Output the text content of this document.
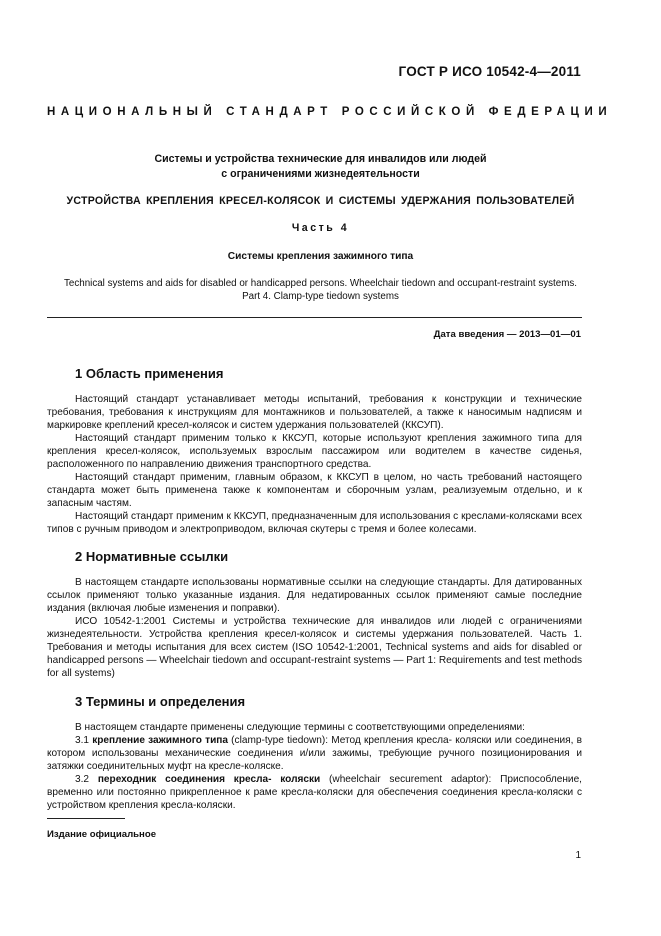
ГОСТ Р ИСО 10542-4—2011
НАЦИОНАЛЬНЫЙ СТАНДАРТ РОССИЙСКОЙ ФЕДЕРАЦИИ
Системы и устройства технические для инвалидов или людей
с ограничениями жизнедеятельности
УСТРОЙСТВА КРЕПЛЕНИЯ КРЕСЕЛ-КОЛЯСОК И СИСТЕМЫ УДЕРЖАНИЯ ПОЛЬЗОВАТЕЛЕЙ
Часть 4
Системы крепления зажимного типа
Technical systems and aids for disabled or handicapped persons. Wheelchair tiedown and occupant-restraint systems.
Part 4. Clamp-type tiedown systems
Дата введения — 2013—01—01
1 Область применения

Настоящий стандарт устанавливает методы испытаний, требования к конструкции и технические требования, требования к инструкциям для монтажников и пользователей, а также к наносимым надписям и маркировке креплений кресел-колясок и систем удержания пользователей (ККСУП).

Настоящий стандарт применим только к ККСУП, которые используют крепления зажимного типа для крепления кресел-колясок, используемых взрослым пассажиром или водителем в качестве сиденья, расположенного по направлению движения транспортного средства.

Настоящий стандарт применим, главным образом, к ККСУП в целом, но часть требований настоящего стандарта может быть применена также к компонентам и сборочным узлам, реализуемым отдельно, и к запасным частям.

Настоящий стандарт применим к ККСУП, предназначенным для использования с креслами-колясками всех типов с ручным приводом и электроприводом, включая скутеры с тремя и более колесами.

2 Нормативные ссылки

В настоящем стандарте использованы нормативные ссылки на следующие стандарты. Для датированных ссылок применяют только указанные издания. Для недатированных ссылок применяют самые последние издания (включая любые изменения и поправки).

ИСО 10542-1:2001 Системы и устройства технические для инвалидов или людей с ограничениями жизнедеятельности. Устройства крепления кресел-колясок и системы удержания пользователей. Часть 1. Требования и методы испытания для всех систем (ISO 10542-1:2001, Technical systems and aids for disabled or handicapped persons — Wheelchair tiedown and occupant-restraint systems — Part 1: Requirements and test methods for all systems)

3 Термины и определения

В настоящем стандарте применены следующие термины с соответствующими определениями:

3.1 крепление зажимного типа (clamp-type tiedown): Метод крепления кресла- коляски или соединения, в котором использованы механические соединения и/или зажимы, требующие ручного позиционирования и затяжки соединительных муфт на кресле-коляске.

3.2 переходник соединения кресла- коляски (wheelchair securement adaptor): Приспособление, временно или постоянно прикрепленное к раме кресла-коляски для обеспечения соединения кресла-коляски с устройством крепления кресла-коляски.

Издание официальное
1
